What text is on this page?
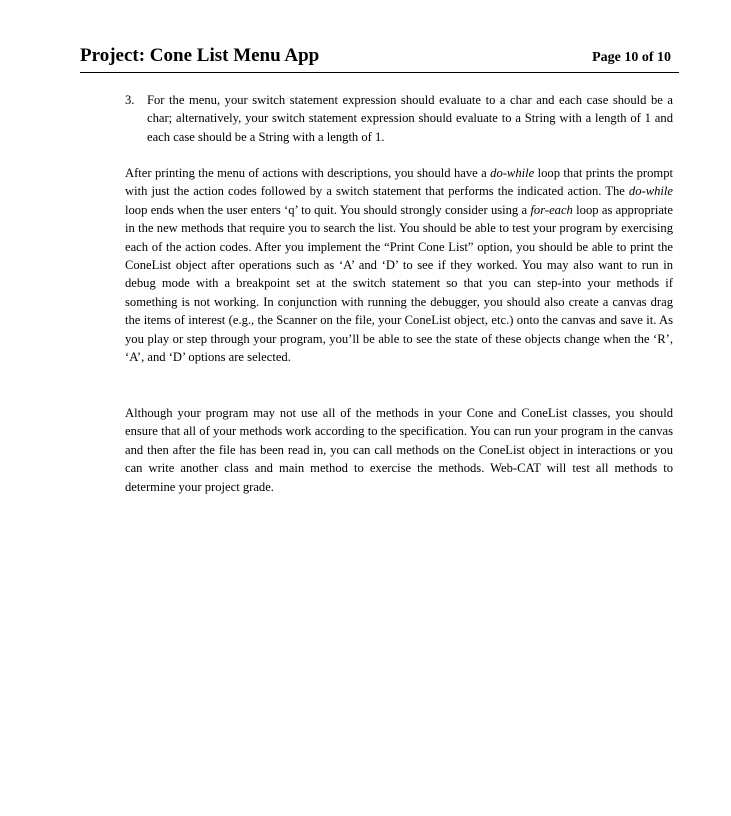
Project: Cone List Menu App	Page 10 of 10
3. For the menu, your switch statement expression should evaluate to a char and each case should be a char; alternatively, your switch statement expression should evaluate to a String with a length of 1 and each case should be a String with a length of 1.

After printing the menu of actions with descriptions, you should have a do-while loop that prints the prompt with just the action codes followed by a switch statement that performs the indicated action. The do-while loop ends when the user enters ‘q’ to quit. You should strongly consider using a for-each loop as appropriate in the new methods that require you to search the list. You should be able to test your program by exercising each of the action codes. After you implement the “Print Cone List” option, you should be able to print the ConeList object after operations such as ‘A’ and ‘D’ to see if they worked. You may also want to run in debug mode with a breakpoint set at the switch statement so that you can step-into your methods if something is not working. In conjunction with running the debugger, you should also create a canvas drag the items of interest (e.g., the Scanner on the file, your ConeList object, etc.) onto the canvas and save it. As you play or step through your program, you’ll be able to see the state of these objects change when the ‘R’, ‘A’, and ‘D’ options are selected.

Although your program may not use all of the methods in your Cone and ConeList classes, you should ensure that all of your methods work according to the specification. You can run your program in the canvas and then after the file has been read in, you can call methods on the ConeList object in interactions or you can write another class and main method to exercise the methods. Web-CAT will test all methods to determine your project grade.
